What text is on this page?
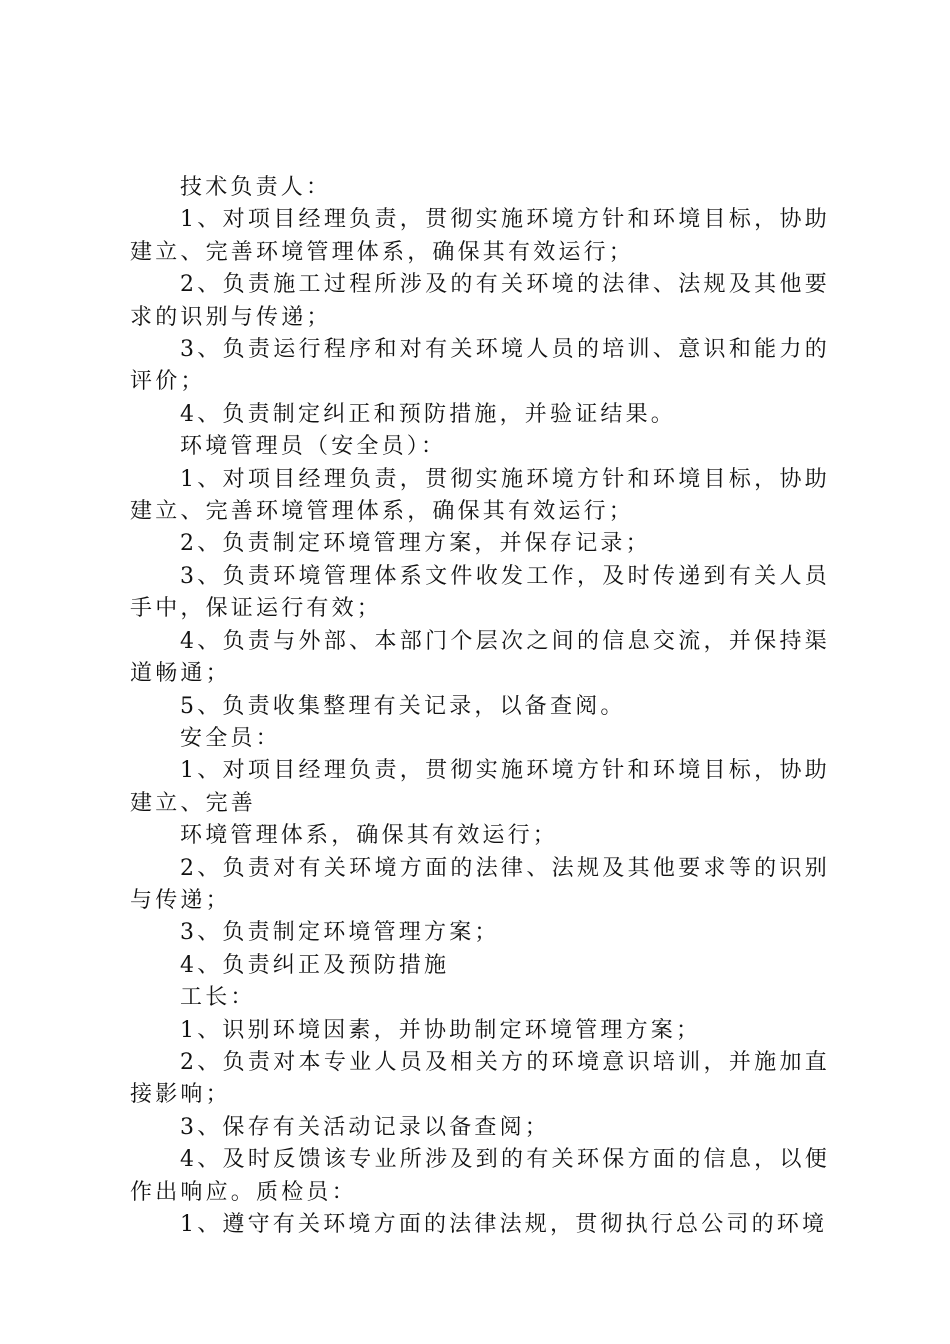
技术负责人：

1、对项目经理负责，贯彻实施环境方针和环境目标，协助建立、完善环境管理体系，确保其有效运行；

2、负责施工过程所涉及的有关环境的法律、法规及其他要求的识别与传递；

3、负责运行程序和对有关环境人员的培训、意识和能力的评价；

4、负责制定纠正和预防措施，并验证结果。

环境管理员（安全员）：

1、对项目经理负责，贯彻实施环境方针和环境目标，协助建立、完善环境管理体系，确保其有效运行；

2、负责制定环境管理方案，并保存记录；

3、负责环境管理体系文件收发工作，及时传递到有关人员手中，保证运行有效；

4、负责与外部、本部门个层次之间的信息交流，并保持渠道畅通；

5、负责收集整理有关记录，以备查阅。

安全员：

1、对项目经理负责，贯彻实施环境方针和环境目标，协助建立、完善

环境管理体系，确保其有效运行；

2、负责对有关环境方面的法律、法规及其他要求等的识别与传递；

3、负责制定环境管理方案；

4、负责纠正及预防措施

工长：

1、识别环境因素，并协助制定环境管理方案；

2、负责对本专业人员及相关方的环境意识培训，并施加直接影响；

3、保存有关活动记录以备查阅；

4、及时反馈该专业所涉及到的有关环保方面的信息，以便作出响应。质检员：

1、遵守有关环境方面的法律法规，贯彻执行总公司的环境
